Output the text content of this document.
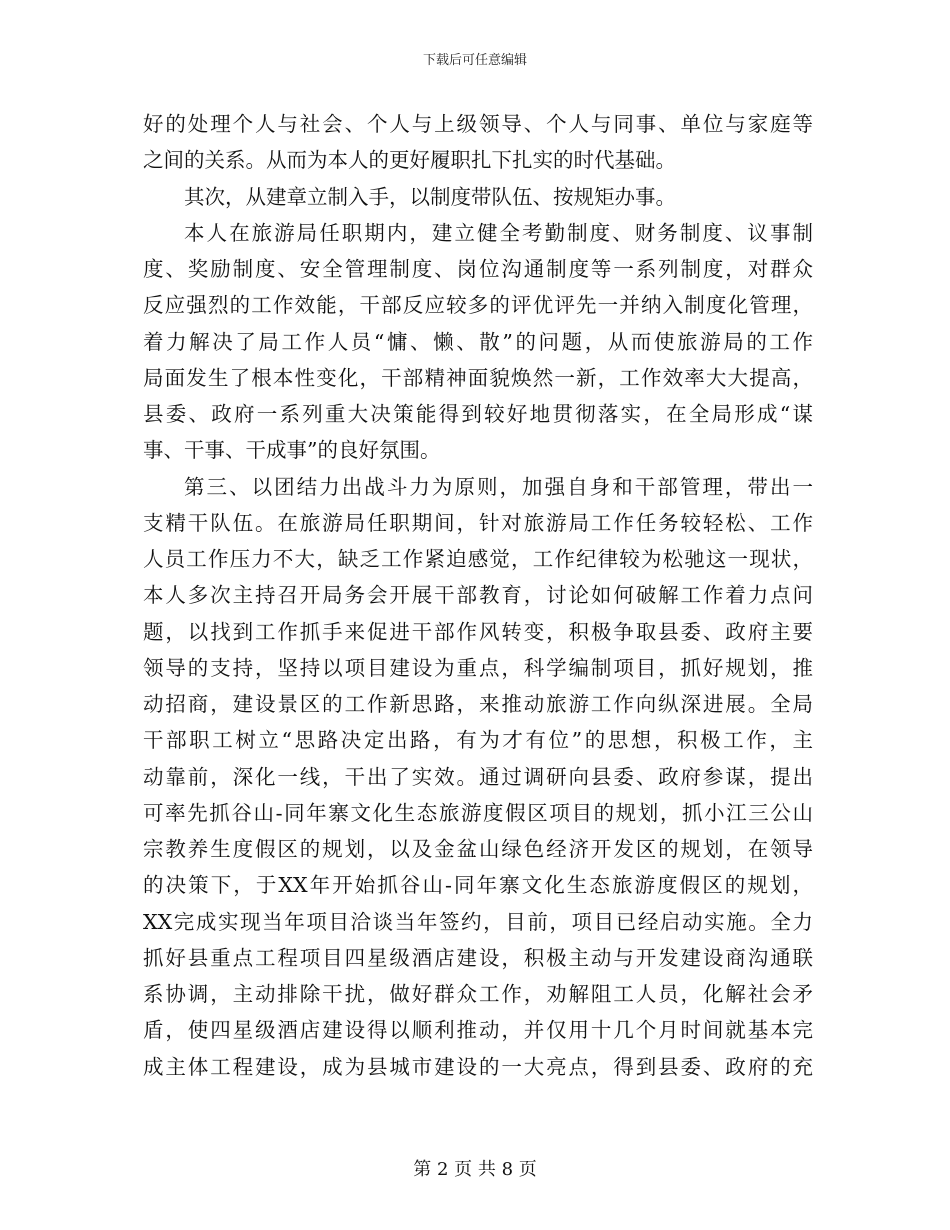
下载后可任意编辑
好的处理个人与社会、个人与上级领导、个人与同事、单位与家庭等
之间的关系。从而为本人的更好履职扎下扎实的时代基础。
其次，从建章立制入手，以制度带队伍、按规矩办事。
本人在旅游局任职期内，建立健全考勤制度、财务制度、议事制
度、奖励制度、安全管理制度、岗位沟通制度等一系列制度，对群众
反应强烈的工作效能，干部反应较多的评优评先一并纳入制度化管理，
着力解决了局工作人员“慵、懒、散”的问题，从而使旅游局的工作
局面发生了根本性变化，干部精神面貌焕然一新，工作效率大大提高，
县委、政府一系列重大决策能得到较好地贯彻落实，在全局形成“谋
事、干事、干成事”的良好氛围。
第三、以团结力出战斗力为原则，加强自身和干部管理，带出一
支精干队伍。在旅游局任职期间，针对旅游局工作任务较轻松、工作
人员工作压力不大，缺乏工作紧迫感觉，工作纪律较为松驰这一现状，
本人多次主持召开局务会开展干部教育，讨论如何破解工作着力点问
题，以找到工作抓手来促进干部作风转变，积极争取县委、政府主要
领导的支持，坚持以项目建设为重点，科学编制项目，抓好规划，推
动招商，建设景区的工作新思路，来推动旅游工作向纵深进展。全局
干部职工树立“思路决定出路，有为才有位”的思想，积极工作，主
动靠前，深化一线，干出了实效。通过调研向县委、政府参谋，提出
可率先抓谷山-同年寨文化生态旅游度假区项目的规划，抓小江三公山
宗教养生度假区的规划，以及金盆山绿色经济开发区的规划，在领导
的决策下，于XX年开始抓谷山-同年寨文化生态旅游度假区的规划，
XX完成实现当年项目洽谈当年签约，目前，项目已经启动实施。全力
抓好县重点工程项目四星级酒店建设，积极主动与开发建设商沟通联
系协调，主动排除干扰，做好群众工作，劝解阻工人员，化解社会矛
盾，使四星级酒店建设得以顺利推动，并仅用十几个月时间就基本完
成主体工程建设，成为县城市建设的一大亮点，得到县委、政府的充
第 2 页 共 8 页
